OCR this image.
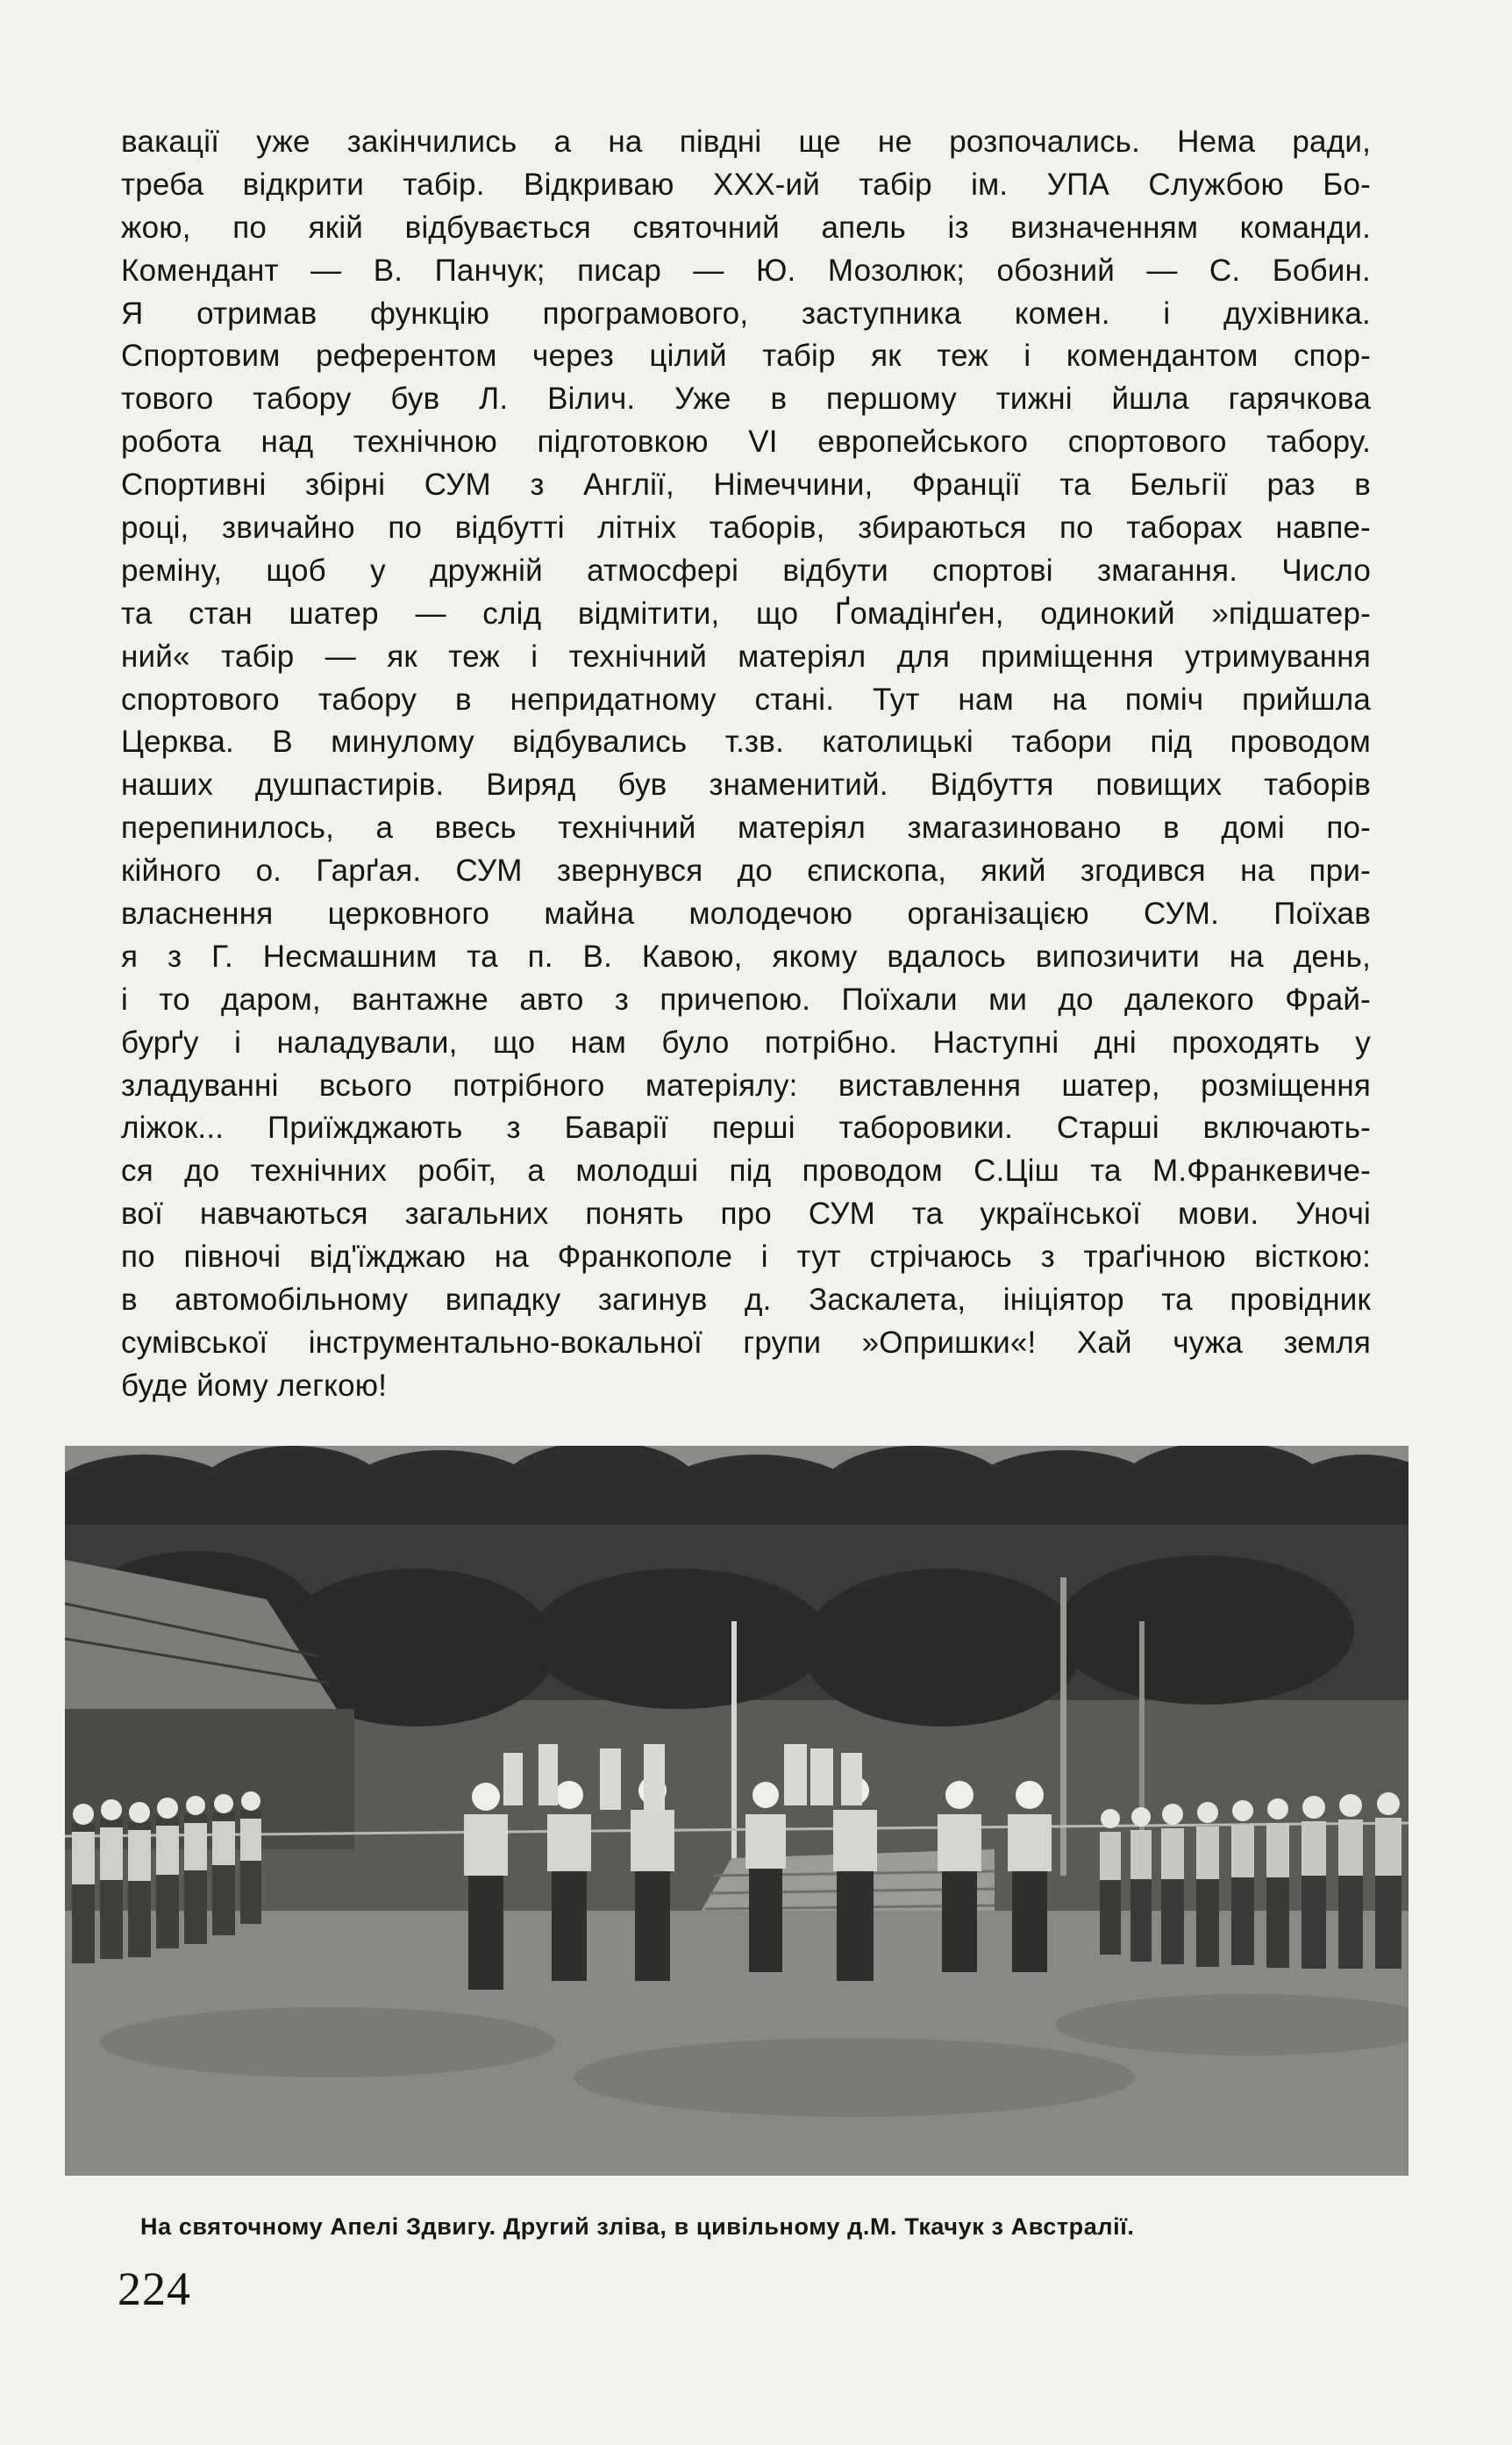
вакації уже закінчились а на півдні ще не розпочались. Нема ради,
треба відкрити табір. Відкриваю XXX-ий табір ім. УПА Службою Бо-
жою, по якій відбувається святочний апель із визначенням команди.
Комендант — В. Панчук; писар — Ю. Мозолюк; обозний — С. Бобин.
Я отримав функцію програмового, заступника комен. і духівника.
Спортовим референтом через цілий табір як теж і комендантом спор-
тового табору був Л. Вілич. Уже в першому тижні йшла гарячкова
робота над технічною підготовкою VI европейського спортового табору.
Спортивні збірні СУМ з Англії, Німеччини, Франції та Бельгії раз в
році, звичайно по відбутті літніх таборів, збираються по таборах навпе-
реміну, щоб у дружній атмосфері відбути спортові змагання. Число
та стан шатер — слід відмітити, що Ґомадінґен, одинокий »підшатер-
ний« табір — як теж і технічний матеріял для приміщення утримування
спортового табору в непридатному стані. Тут нам на поміч прийшла
Церква. В минулому відбувались т.зв. католицькі табори під проводом
наших душпастирів. Виряд був знаменитий. Відбуття повищих таборів
перепинилось, а ввесь технічний матеріял змагазиновано в домі по-
кійного о. Гарґая. СУМ звернувся до єпископа, який згодився на при-
власнення церковного майна молодечою організацією СУМ. Поїхав
я з Г. Несмашним та п. В. Кавою, якому вдалось випозичити на день,
і то даром, вантажне авто з причепою. Поїхали ми до далекого Фрай-
бурґу і наладували, що нам було потрібно. Наступні дні проходять у
зладуванні всього потрібного матеріялу: виставлення шатер, розміщення
ліжок... Приїжджають з Баварії перші таборовики. Старші включають-
ся до технічних робіт, а молодші під проводом С.Ціш та М.Франкевиче-
вої навчаються загальних понять про СУМ та української мови. Уночі
по півночі від'їжджаю на Франкополе і тут стрічаюсь з траґічною вісткою:
в автомобільному випадку загинув д. Заскалета, ініціятор та провідник
сумівської інструментально-вокальної групи »Опришки«! Хай чужа земля
буде йому легкою!
На святочному Апелі Здвигу. Другий зліва, в цивільному д.М. Ткачук з Австралії.
224
